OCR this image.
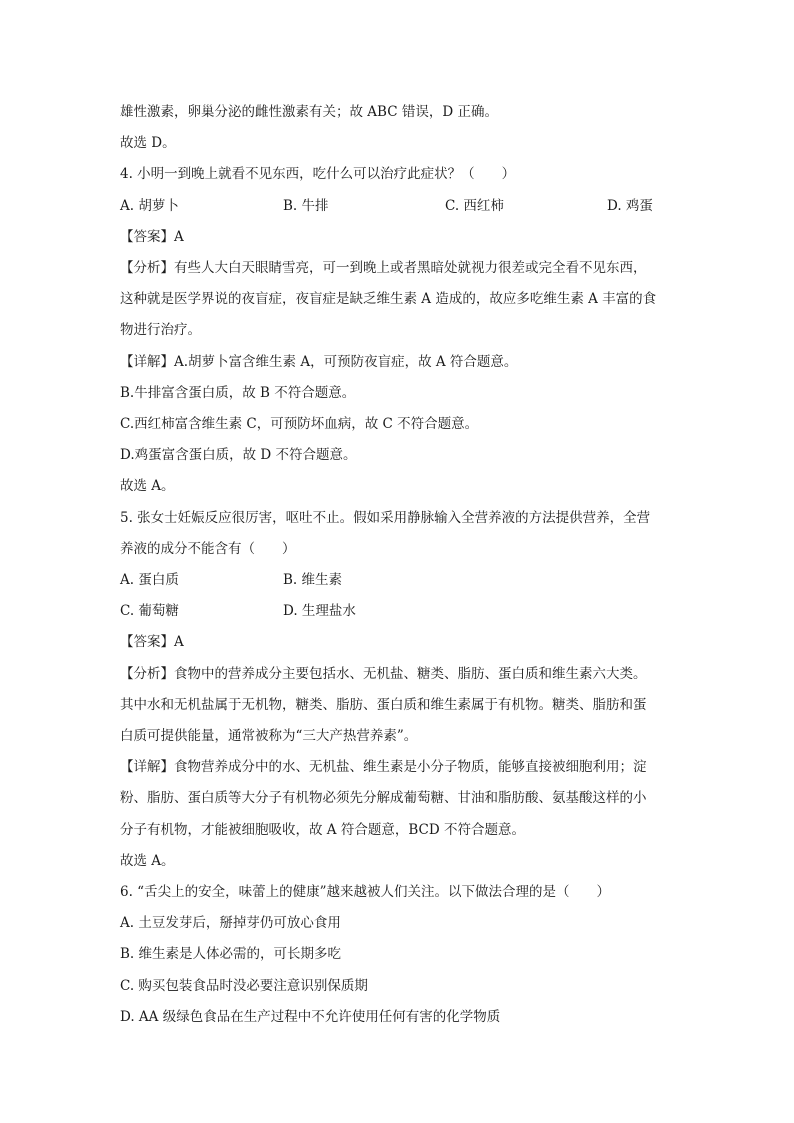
雄性激素，卵巢分泌的雌性激素有关；故 ABC 错误，D 正确。
故选 D。
4. 小明一到晚上就看不见东西，吃什么可以治疗此症状？（　　）
A. 胡萝卜	B. 牛排	C. 西红柿	D. 鸡蛋
【答案】A
【分析】有些人大白天眼睛雪亮，可一到晚上或者黑暗处就视力很差或完全看不见东西，
这种就是医学界说的夜盲症，夜盲症是缺乏维生素 A 造成的，故应多吃维生素 A 丰富的食
物进行治疗。
【详解】A.胡萝卜富含维生素 A，可预防夜盲症，故 A 符合题意。
B.牛排富含蛋白质，故 B 不符合题意。
C.西红柿富含维生素 C，可预防坏血病，故 C 不符合题意。
D.鸡蛋富含蛋白质，故 D 不符合题意。
故选 A。
5. 张女士妊娠反应很厉害，呕吐不止。假如采用静脉输入全营养液的方法提供营养，全营
养液的成分不能含有（　　）
A. 蛋白质	B. 维生素
C. 葡萄糖	D. 生理盐水
【答案】A
【分析】食物中的营养成分主要包括水、无机盐、糖类、脂肪、蛋白质和维生素六大类。
其中水和无机盐属于无机物，糖类、脂肪、蛋白质和维生素属于有机物。糖类、脂肪和蛋
白质可提供能量，通常被称为“三大产热营养素”。
【详解】食物营养成分中的水、无机盐、维生素是小分子物质，能够直接被细胞利用；淀
粉、脂肪、蛋白质等大分子有机物必须先分解成葡萄糖、甘油和脂肪酸、氨基酸这样的小
分子有机物，才能被细胞吸收，故 A 符合题意，BCD 不符合题意。
故选 A。
6. “舌尖上的安全，味蕾上的健康”越来越被人们关注。以下做法合理的是（　　）
A. 土豆发芽后，掰掉芽仍可放心食用
B. 维生素是人体必需的，可长期多吃
C. 购买包装食品时没必要注意识别保质期
D. AA 级绿色食品在生产过程中不允许使用任何有害的化学物质
